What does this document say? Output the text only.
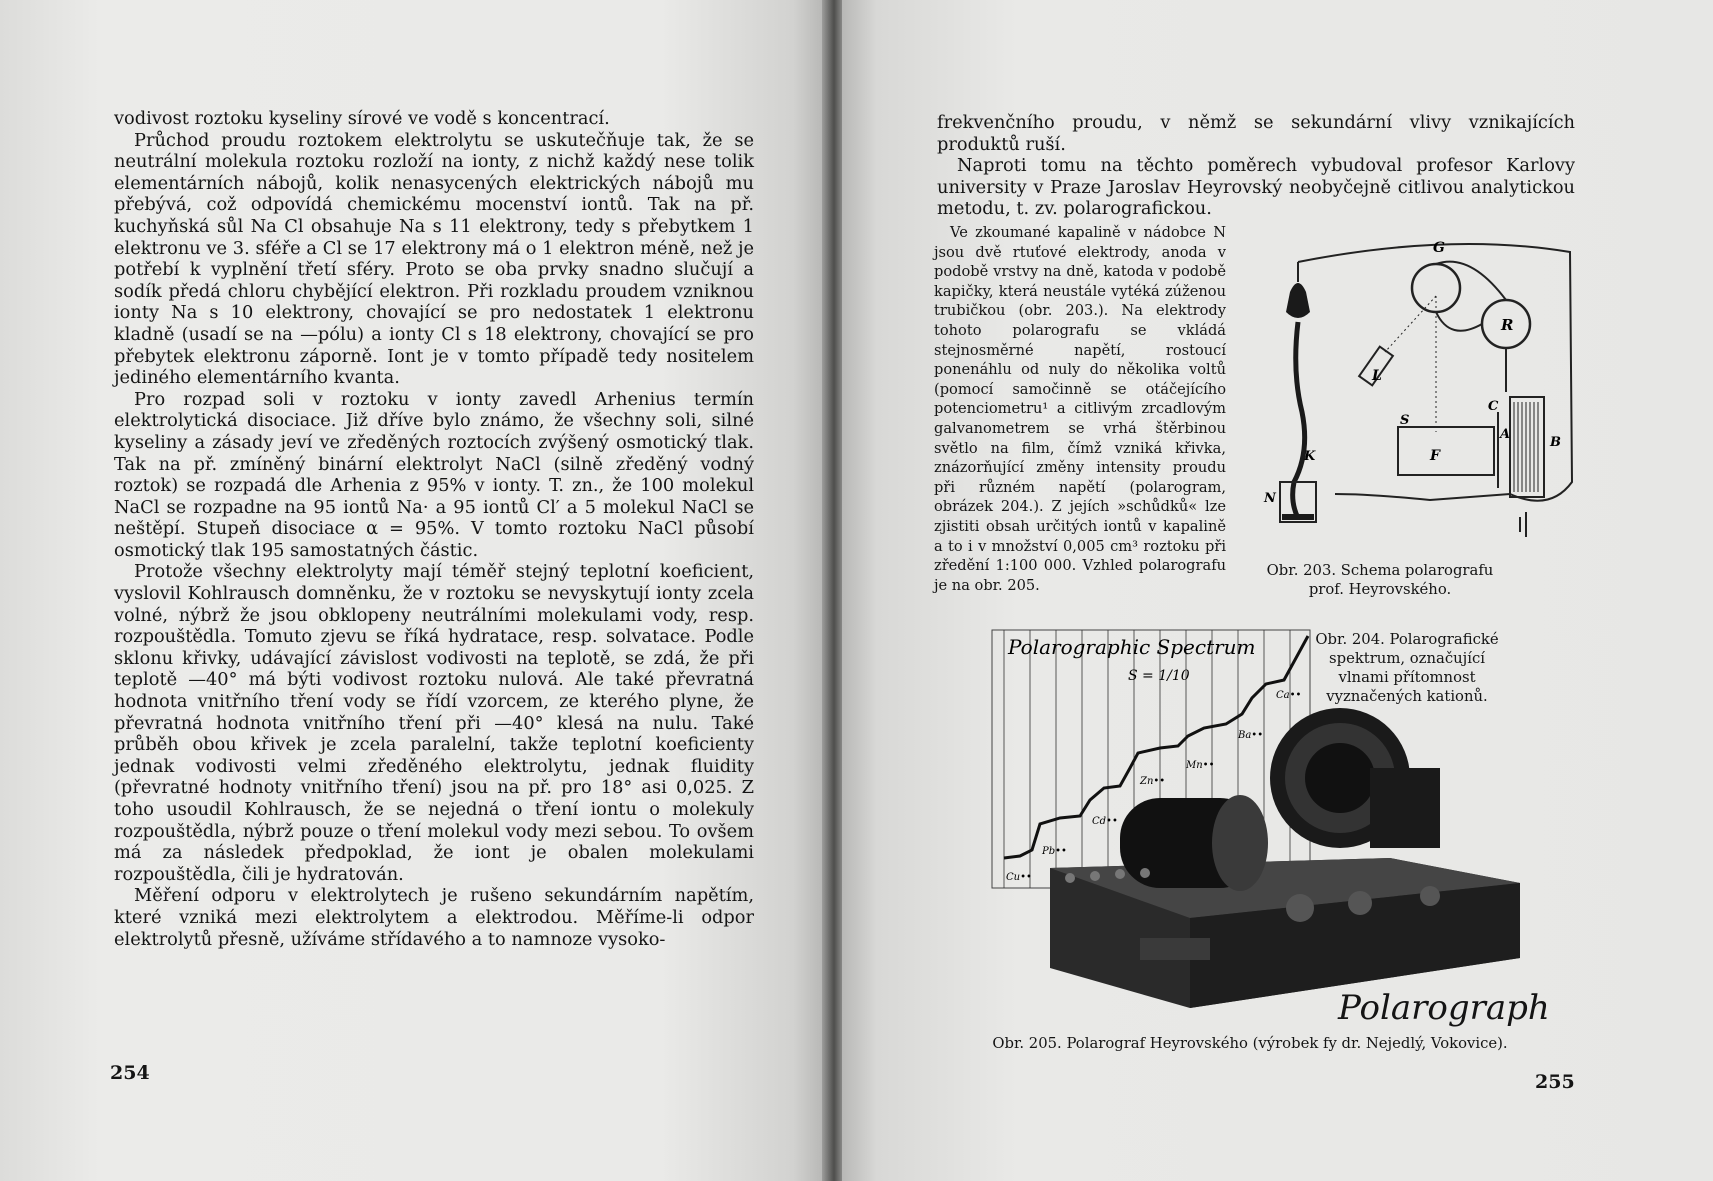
vodivost roztoku kyseliny sírové ve vodě s koncentrací.

Průchod proudu roztokem elektrolytu se uskutečňuje tak, že se neutrální molekula roztoku rozloží na ionty, z nichž každý nese tolik elementárních nábojů, kolik nenasycených elektrických nábojů mu přebývá, což odpovídá chemickému mocenství iontů. Tak na př. kuchyňská sůl Na Cl obsahuje Na s 11 elektrony, tedy s přebytkem 1 elektronu ve 3. sféře a Cl se 17 elektrony má o 1 elektron méně, než je potřebí k vyplnění třetí sféry. Proto se oba prvky snadno slučují a sodík předá chloru chybějící elektron. Při rozkladu proudem vzniknou ionty Na s 10 elektrony, chovající se pro nedostatek 1 elektronu kladně (usadí se na —pólu) a ionty Cl s 18 elektrony, chovající se pro přebytek elektronu záporně. Iont je v tomto případě tedy nositelem jediného elementárního kvanta.

Pro rozpad soli v roztoku v ionty zavedl Arhenius termín elektrolytická disociace. Již dříve bylo známo, že všechny soli, silné kyseliny a zásady jeví ve zředěných roztocích zvýšený osmotický tlak. Tak na př. zmíněný binární elektrolyt NaCl (silně zředěný vodný roztok) se rozpadá dle Arhenia z 95% v ionty. T. zn., že 100 molekul NaCl se rozpadne na 95 iontů Na· a 95 iontů Cl′ a 5 molekul NaCl se neštěpí. Stupeň disociace α = 95%. V tomto roztoku NaCl působí osmotický tlak 195 samostatných částic.

Protože všechny elektrolyty mají téměř stejný teplotní koeficient, vyslovil Kohlrausch domněnku, že v roztoku se nevyskytují ionty zcela volné, nýbrž že jsou obklopeny neutrálními molekulami vody, resp. rozpouštědla. Tomuto zjevu se říká hydratace, resp. solvatace. Podle sklonu křivky, udávající závislost vodivosti na teplotě, se zdá, že při teplotě —40° má býti vodivost roztoku nulová. Ale také převratná hodnota vnitřního tření vody se řídí vzorcem, ze kterého plyne, že převratná hodnota vnitřního tření při —40° klesá na nulu. Také průběh obou křivek je zcela paralelní, takže teplotní koeficienty jednak vodivosti velmi zředěného elektrolytu, jednak fluidity (převratné hodnoty vnitřního tření) jsou na př. pro 18° asi 0,025. Z toho usoudil Kohlrausch, že se nejedná o tření iontu o molekuly rozpouštědla, nýbrž pouze o tření molekul vody mezi sebou. To ovšem má za následek předpoklad, že iont je obalen molekulami rozpouštědla, čili je hydratován.

Měření odporu v elektrolytech je rušeno sekundárním napětím, které vzniká mezi elektrolytem a elektrodou. Měříme-li odpor elektrolytů přesně, užíváme střídavého a to namnoze vysoko-

254

frekvenčního proudu, v němž se sekundární vlivy vznikajících produktů ruší.

Naproti tomu na těchto poměrech vybudoval profesor Karlovy university v Praze Jaroslav Heyrovský neobyčejně citlivou analytickou metodu, t. zv. polarografickou.

Ve zkoumané kapalině v nádobce N jsou dvě rtuťové elektrody, anoda v podobě vrstvy na dně, katoda v podobě kapičky, která neustále vytéká zúženou trubičkou (obr. 203.). Na elektrody tohoto polarografu se vkládá stejnosměrné napětí, rostoucí ponenáhlu od nuly do několika voltů (pomocí samočinně se otáčejícího potenciometru¹ a citlivým zrcadlovým galvanometrem se vrhá štěrbinou světlo na film, čímž vzniká křivka, znázorňující změny intensity proudu při různém napětí (polarogram, obrázek 204.). Z jejích »schůdků« lze zjistiti obsah určitých iontů v kapalině a to i v množství 0,005 cm³ roztoku při zředění 1:100 000. Vzhled polarografu je na obr. 205.

G
R
L
C
A
B
S
F
K
N
Obr. 203. Schema polarografu prof. Heyrovského.
Polarographic Spectrum
S = 1/10
Cu••
Pb••
Cd••
Zn••
Mn••
Ba••
Ca••
Obr. 204. Polarografické spektrum, označující vlnami přítomnost vyznačených kationů.
Polarograph
Obr. 205. Polarograf Heyrovského (výrobek fy dr. Nejedlý, Vokovice).
255
